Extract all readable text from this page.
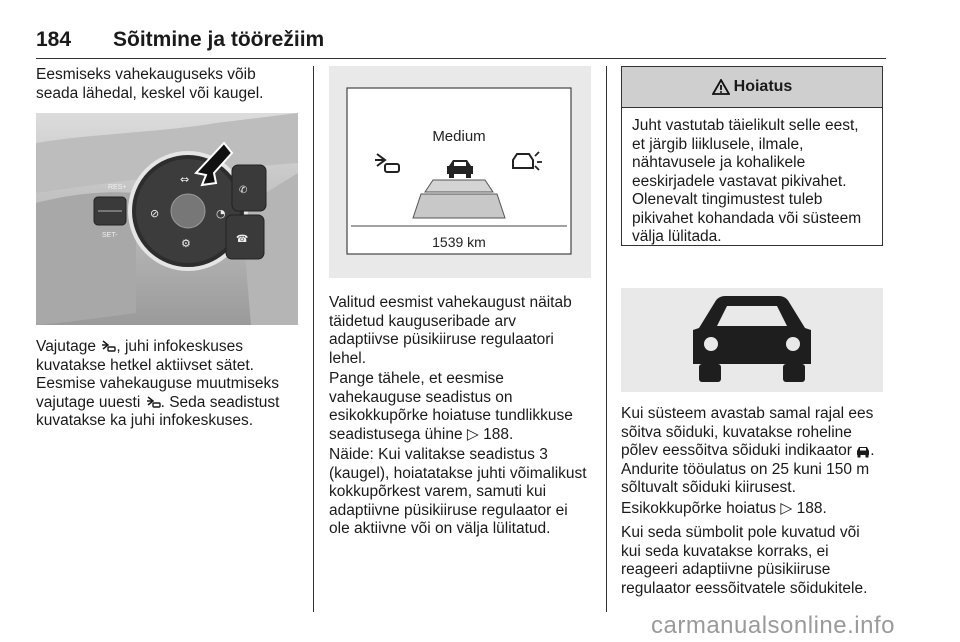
184 Sõitmine ja töörežiim
Eesmiseks vahekauguseks võib
seada lähedal, keskel või kaugel.
RES+
SET-
⇔
⊘	◔
⚙
✆
☎
Vajutage , juhi infokeskuses
kuvatakse hetkel aktiivset sätet.
Eesmise vahekauguse muutmiseks
vajutage uuesti . Seda seadistust
kuvatakse ka juhi infokeskuses.
Medium
1539 km
Valitud eesmist vahekaugust näitab
täidetud kauguseribade arv
adaptiivse püsikiiruse regulaatori
lehel.
Pange tähele, et eesmise
vahekauguse seadistus on
esikokkupõrke hoiatuse tundlikkuse
seadistusega ühine ▷ 188.
Näide: Kui valitakse seadistus 3
(kaugel), hoiatatakse juhti võimalikust
kokkupõrkest varem, samuti kui
adaptiivne püsikiiruse regulaator ei
ole aktiivne või on välja lülitatud.
Hoiatus
Juht vastutab täielikult selle eest,
et järgib liiklusele, ilmale,
nähtavusele ja kohalikele
eeskirjadele vastavat pikivahet.
Olenevalt tingimustest tuleb
pikivahet kohandada või süsteem
välja lülitada.
Kui süsteem avastab samal rajal ees
sõitva sõiduki, kuvatakse roheline
põlev eessõitva sõiduki indikaator .
Andurite tööulatus on 25 kuni 150 m
sõltuvalt sõiduki kiirusest.
Esikokkupõrke hoiatus ▷ 188.
Kui seda sümbolit pole kuvatud või
kui seda kuvatakse korraks, ei
reageeri adaptiivne püsikiiruse
regulaator eessõitvatele sõidukitele.
carmanualsonline.info
